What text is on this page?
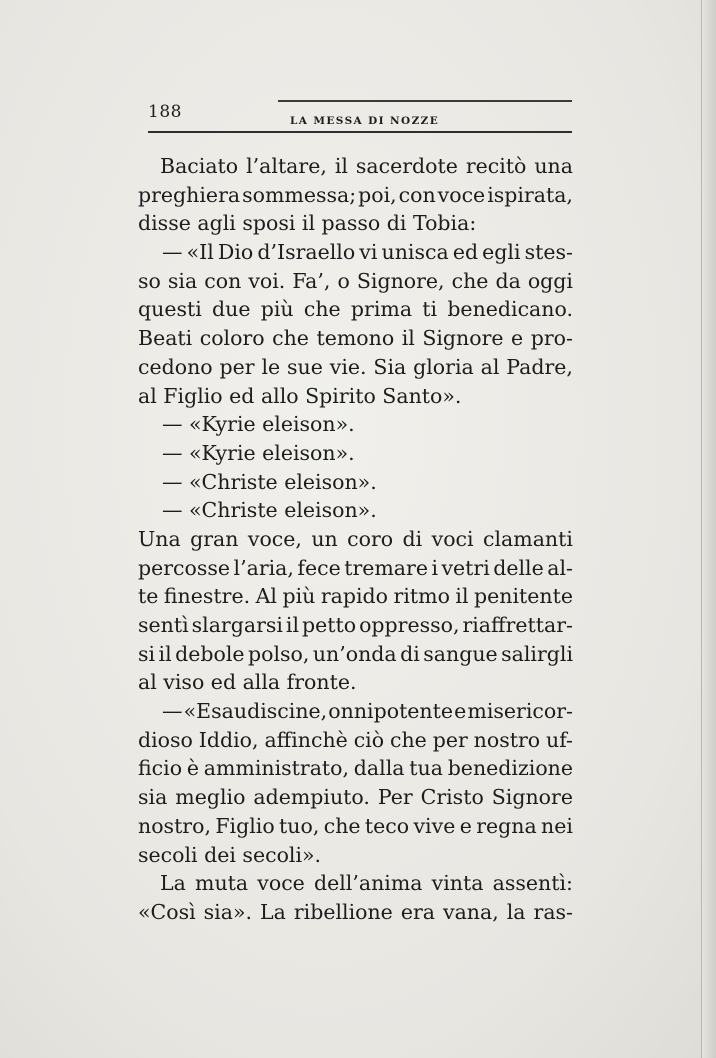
188	LA MESSA DI NOZZE
Baciato l’altare, il sacerdote recitò una
preghiera sommessa; poi, con voce ispirata,
disse agli sposi il passo di Tobia:
— «Il Dio d’Israello vi unisca ed egli stes-
so sia con voi. Fa’, o Signore, che da oggi
questi due più che prima ti benedicano.
Beati coloro che temono il Signore e pro-
cedono per le sue vie. Sia gloria al Padre,
al Figlio ed allo Spirito Santo».
— «Kyrie eleison».
— «Kyrie eleison».
— «Christe eleison».
— «Christe eleison».
Una gran voce, un coro di voci clamanti
percosse l’aria, fece tremare i vetri delle al-
te finestre. Al più rapido ritmo il penitente
sentì slargarsi il petto oppresso, riaffrettar-
si il debole polso, un’onda di sangue salirgli
al viso ed alla fronte.
— «Esaudiscine, onnipotente e misericor-
dioso Iddio, affinchè ciò che per nostro uf-
ficio è amministrato, dalla tua benedizione
sia meglio adempiuto. Per Cristo Signore
nostro, Figlio tuo, che teco vive e regna nei
secoli dei secoli».
La muta voce dell’anima vinta assentì:
«Così sia». La ribellione era vana, la ras-
